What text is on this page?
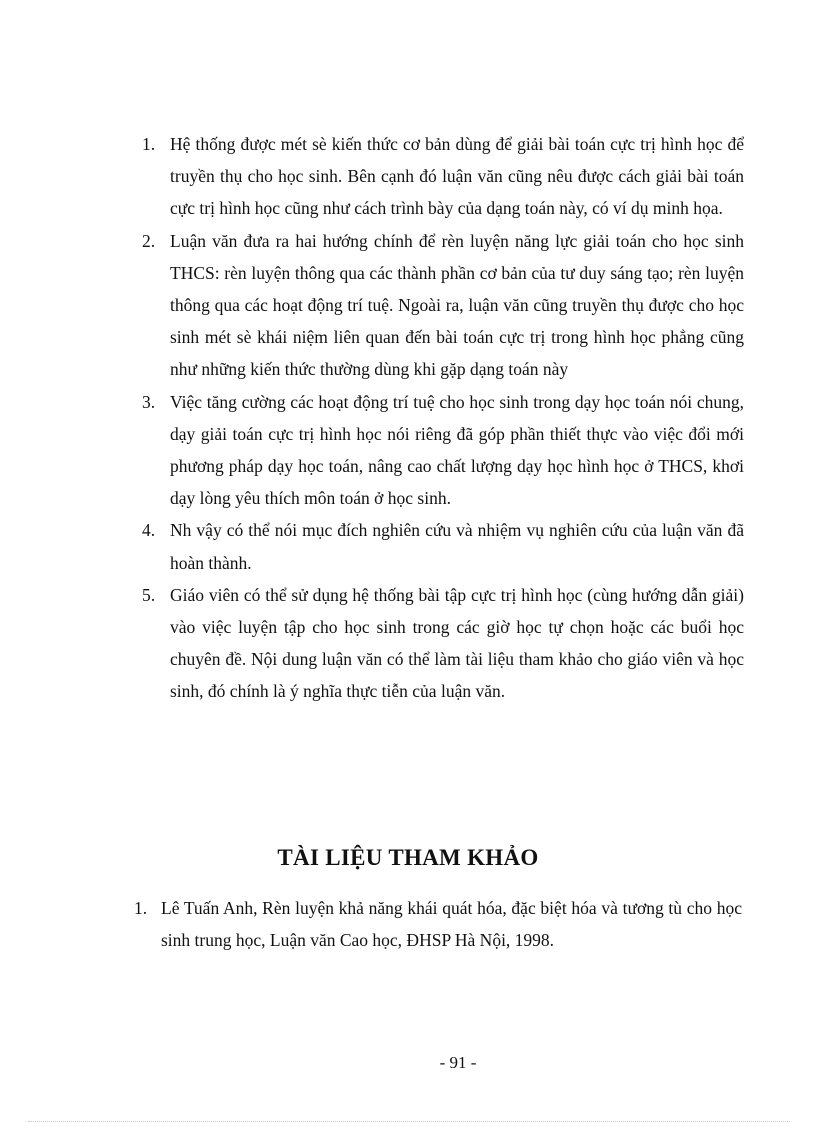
1. Hệ thống được mét sè kiến thức cơ bản dùng để giải bài toán cực trị hình học để truyền thụ cho học sinh. Bên cạnh đó luận văn cũng nêu được cách giải bài toán cực trị hình học cũng như cách trình bày của dạng toán này, có ví dụ minh họa.
2. Luận văn đưa ra hai hướng chính để rèn luyện năng lực giải toán cho học sinh THCS: rèn luyện thông qua các thành phần cơ bản của tư duy sáng tạo; rèn luyện thông qua các hoạt động trí tuệ. Ngoài ra, luận văn cũng truyền thụ được cho học sinh mét sè khái niệm liên quan đến bài toán cực trị trong hình học phẳng cũng như những kiến thức thường dùng khi gặp dạng toán này
3. Việc tăng cường các hoạt động trí tuệ cho học sinh trong dạy học toán nói chung, dạy giải toán cực trị hình học nói riêng đã góp phần thiết thực vào việc đổi mới phương pháp dạy học toán, nâng cao chất lượng dạy học hình học ở THCS, khơi dạy lòng yêu thích môn toán ở học sinh.
4. Nh vậy có thể nói mục đích nghiên cứu và nhiệm vụ nghiên cứu của luận văn đã hoàn thành.
5. Giáo viên có thể sử dụng hệ thống bài tập cực trị hình học (cùng hướng dẫn giải) vào việc luyện tập cho học sinh trong các giờ học tự chọn hoặc các buổi học chuyên đề. Nội dung luận văn có thể làm tài liệu tham khảo cho giáo viên và học sinh, đó chính là ý nghĩa thực tiễn của luận văn.
TÀI LIỆU THAM KHẢO
1. Lê Tuấn Anh, Rèn luyện khả năng khái quát hóa, đặc biệt hóa và tương tù cho học sinh trung học, Luận văn Cao học, ĐHSP Hà Nội, 1998.
- 91 -
